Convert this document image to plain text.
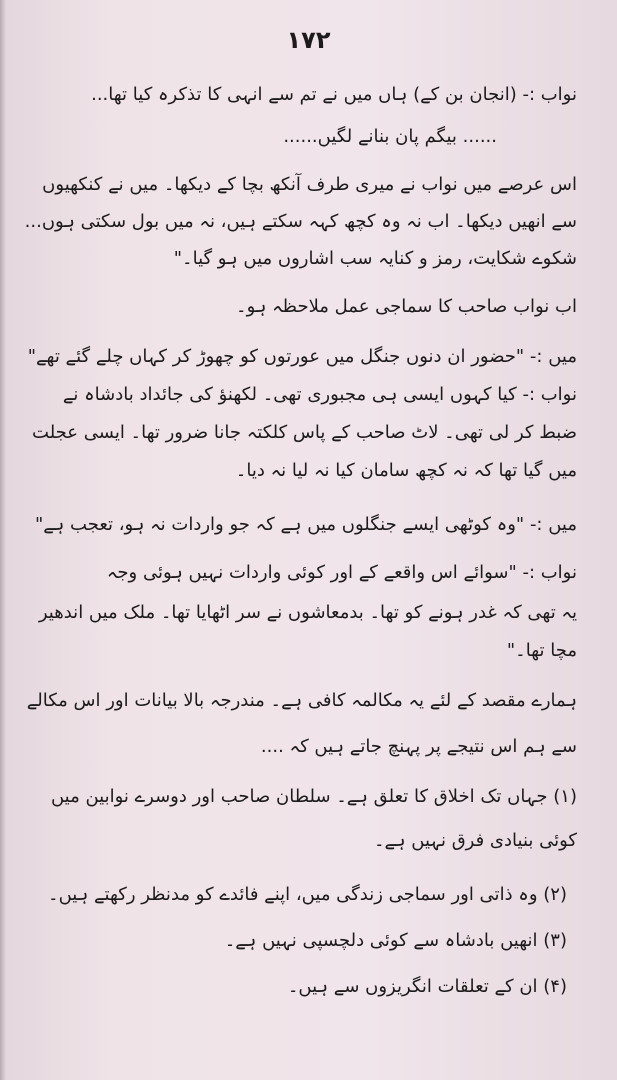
۱۷۲
نواب :- (انجان بن کے) ہاں میں نے تم سے انہی کا تذکرہ کیا تھا...
...... بیگم پان بنانے لگیں......
اس عرصے میں نواب نے میری طرف آنکھ بچا کے دیکھا۔ میں نے کنکھیوں
سے انھیں دیکھا۔ اب نہ وہ کچھ کہہ سکتے ہیں، نہ میں بول سکتی ہوں...
شکوے شکایت، رمز و کنایہ سب اشاروں میں ہو گیا۔"
اب نواب صاحب کا سماجی عمل ملاحظہ ہو۔
میں :- "حضور ان دنوں جنگل میں عورتوں کو چھوڑ کر کہاں چلے گئے تھے"
نواب :- کیا کہوں ایسی ہی مجبوری تھی۔ لکھنؤ کی جائداد بادشاہ نے
ضبط کر لی تھی۔ لاٹ صاحب کے پاس کلکتہ جانا ضرور تھا۔ ایسی عجلت
میں گیا تھا کہ نہ کچھ سامان کیا نہ لیا نہ دیا۔
میں :- "وہ کوٹھی ایسے جنگلوں میں ہے کہ جو واردات نہ ہو، تعجب ہے"
نواب :- "سوائے اس واقعے کے اور کوئی واردات نہیں ہوئی وجہ
یہ تھی کہ غدر ہونے کو تھا۔ بدمعاشوں نے سر اٹھایا تھا۔ ملک میں اندھیر
مچا تھا۔"
ہمارے مقصد کے لئے یہ مکالمہ کافی ہے۔ مندرجہ بالا بیانات اور اس مکالے
سے ہم اس نتیجے پر پہنچ جاتے ہیں کہ ....
(۱) جہاں تک اخلاق کا تعلق ہے۔ سلطان صاحب اور دوسرے نوابین میں
کوئی بنیادی فرق نہیں ہے۔
(۲) وہ ذاتی اور سماجی زندگی میں، اپنے فائدے کو مدنظر رکھتے ہیں۔
(۳) انھیں بادشاہ سے کوئی دلچسپی نہیں ہے۔
(۴) ان کے تعلقات انگریزوں سے ہیں۔
